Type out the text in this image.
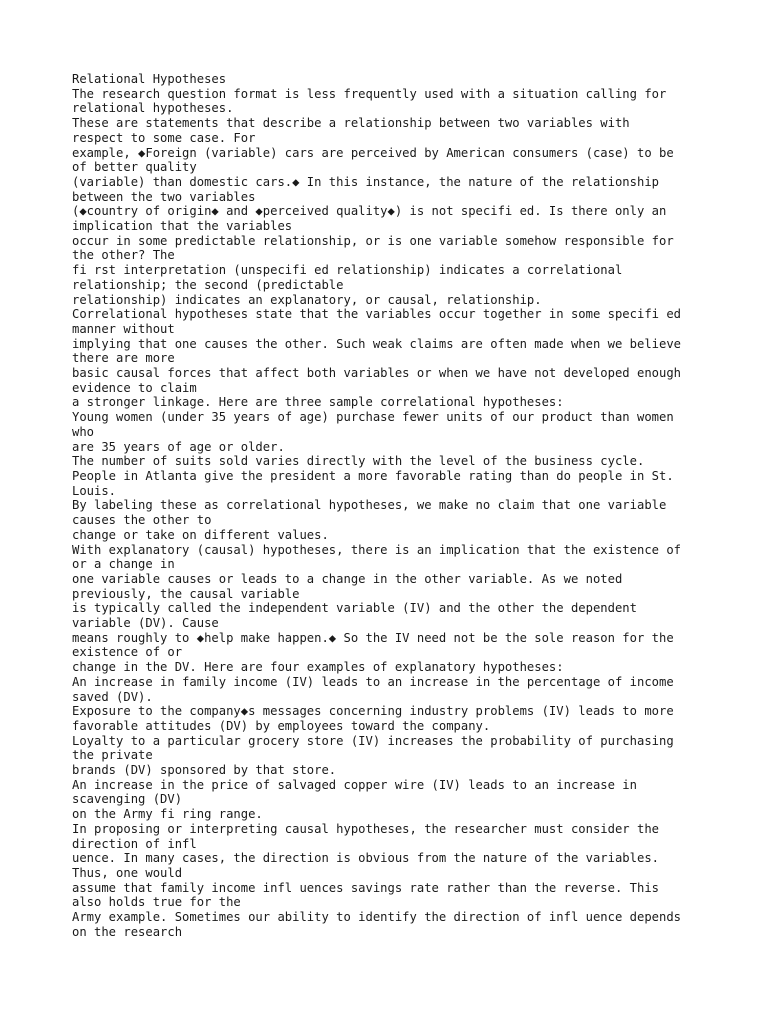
Relational Hypotheses
The research question format is less frequently used with a situation calling for
relational hypotheses.
These are statements that describe a relationship between two variables with
respect to some case. For
example, ◆Foreign (variable) cars are perceived by American consumers (case) to be
of better quality
(variable) than domestic cars.◆ In this instance, the nature of the relationship
between the two variables
(◆country of origin◆ and ◆perceived quality◆) is not specifi ed. Is there only an
implication that the variables
occur in some predictable relationship, or is one variable somehow responsible for
the other? The
fi rst interpretation (unspecifi ed relationship) indicates a correlational
relationship; the second (predictable
relationship) indicates an explanatory, or causal, relationship.
Correlational hypotheses state that the variables occur together in some specifi ed
manner without
implying that one causes the other. Such weak claims are often made when we believe
there are more
basic causal forces that affect both variables or when we have not developed enough
evidence to claim
a stronger linkage. Here are three sample correlational hypotheses:
Young women (under 35 years of age) purchase fewer units of our product than women
who
are 35 years of age or older.
The number of suits sold varies directly with the level of the business cycle.
People in Atlanta give the president a more favorable rating than do people in St.
Louis.
By labeling these as correlational hypotheses, we make no claim that one variable
causes the other to
change or take on different values.
With explanatory (causal) hypotheses, there is an implication that the existence of
or a change in
one variable causes or leads to a change in the other variable. As we noted
previously, the causal variable
is typically called the independent variable (IV) and the other the dependent
variable (DV). Cause
means roughly to ◆help make happen.◆ So the IV need not be the sole reason for the
existence of or
change in the DV. Here are four examples of explanatory hypotheses:
An increase in family income (IV) leads to an increase in the percentage of income
saved (DV).
Exposure to the company◆s messages concerning industry problems (IV) leads to more
favorable attitudes (DV) by employees toward the company.
Loyalty to a particular grocery store (IV) increases the probability of purchasing
the private
brands (DV) sponsored by that store.
An increase in the price of salvaged copper wire (IV) leads to an increase in
scavenging (DV)
on the Army fi ring range.
In proposing or interpreting causal hypotheses, the researcher must consider the
direction of infl
uence. In many cases, the direction is obvious from the nature of the variables.
Thus, one would
assume that family income infl uences savings rate rather than the reverse. This
also holds true for the
Army example. Sometimes our ability to identify the direction of infl uence depends
on the research
